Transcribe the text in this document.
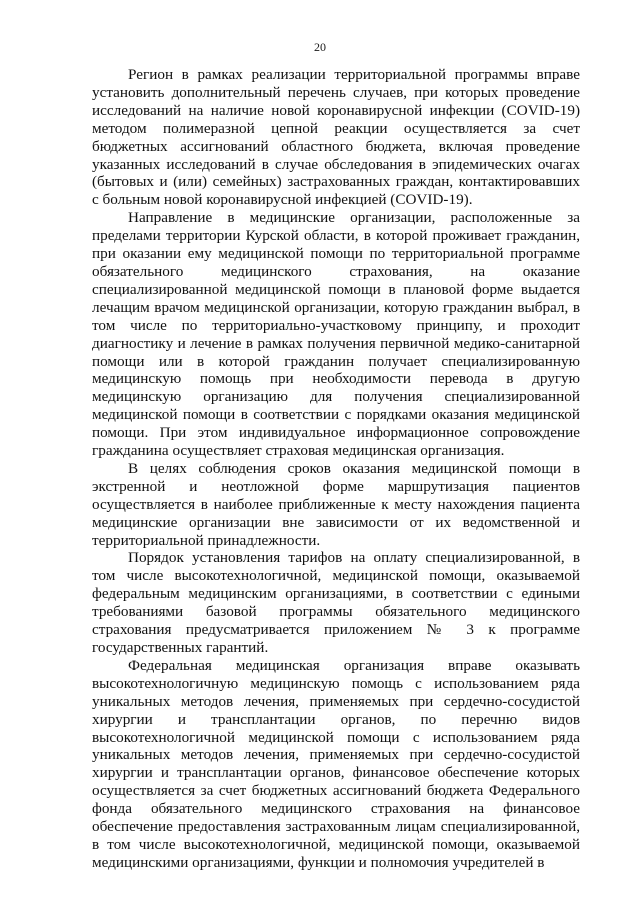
20

Регион в рамках реализации территориальной программы вправе установить дополнительный перечень случаев, при которых проведение исследований на наличие новой коронавирусной инфекции (COVID-19) методом полимеразной цепной реакции осуществляется за счет бюджетных ассигнований областного бюджета, включая проведение указанных исследований в случае обследования в эпидемических очагах (бытовых и (или) семейных) застрахованных граждан, контактировавших с больным новой коронавирусной инфекцией (COVID-19).

Направление в медицинские организации, расположенные за пределами территории Курской области, в которой проживает гражданин, при оказании ему медицинской помощи по территориальной программе обязательного медицинского страхования, на оказание специализированной медицинской помощи в плановой форме выдается лечащим врачом медицинской организации, которую гражданин выбрал, в том числе по территориально-участковому принципу, и проходит диагностику и лечение в рамках получения первичной медико-санитарной помощи или в которой гражданин получает специализированную медицинскую помощь при необходимости перевода в другую медицинскую организацию для получения специализированной медицинской помощи в соответствии с порядками оказания медицинской помощи. При этом индивидуальное информационное сопровождение гражданина осуществляет страховая медицинская организация.

В целях соблюдения сроков оказания медицинской помощи в экстренной и неотложной форме маршрутизация пациентов осуществляется в наиболее приближенные к месту нахождения пациента медицинские организации вне зависимости от их ведомственной и территориальной принадлежности.

Порядок установления тарифов на оплату специализированной, в том числе высокотехнологичной, медицинской помощи, оказываемой федеральным медицинским организациями, в соответствии с едиными требованиями базовой программы обязательного медицинского страхования предусматривается приложением № 3 к программе государственных гарантий.

Федеральная медицинская организация вправе оказывать высокотехнологичную медицинскую помощь с использованием ряда уникальных методов лечения, применяемых при сердечно-сосудистой хирургии и трансплантации органов, по перечню видов высокотехнологичной медицинской помощи с использованием ряда уникальных методов лечения, применяемых при сердечно-сосудистой хирургии и трансплантации органов, финансовое обеспечение которых осуществляется за счет бюджетных ассигнований бюджета Федерального фонда обязательного медицинского страхования на финансовое обеспечение предоставления застрахованным лицам специализированной, в том числе высокотехнологичной, медицинской помощи, оказываемой медицинскими организациями, функции и полномочия учредителей в
